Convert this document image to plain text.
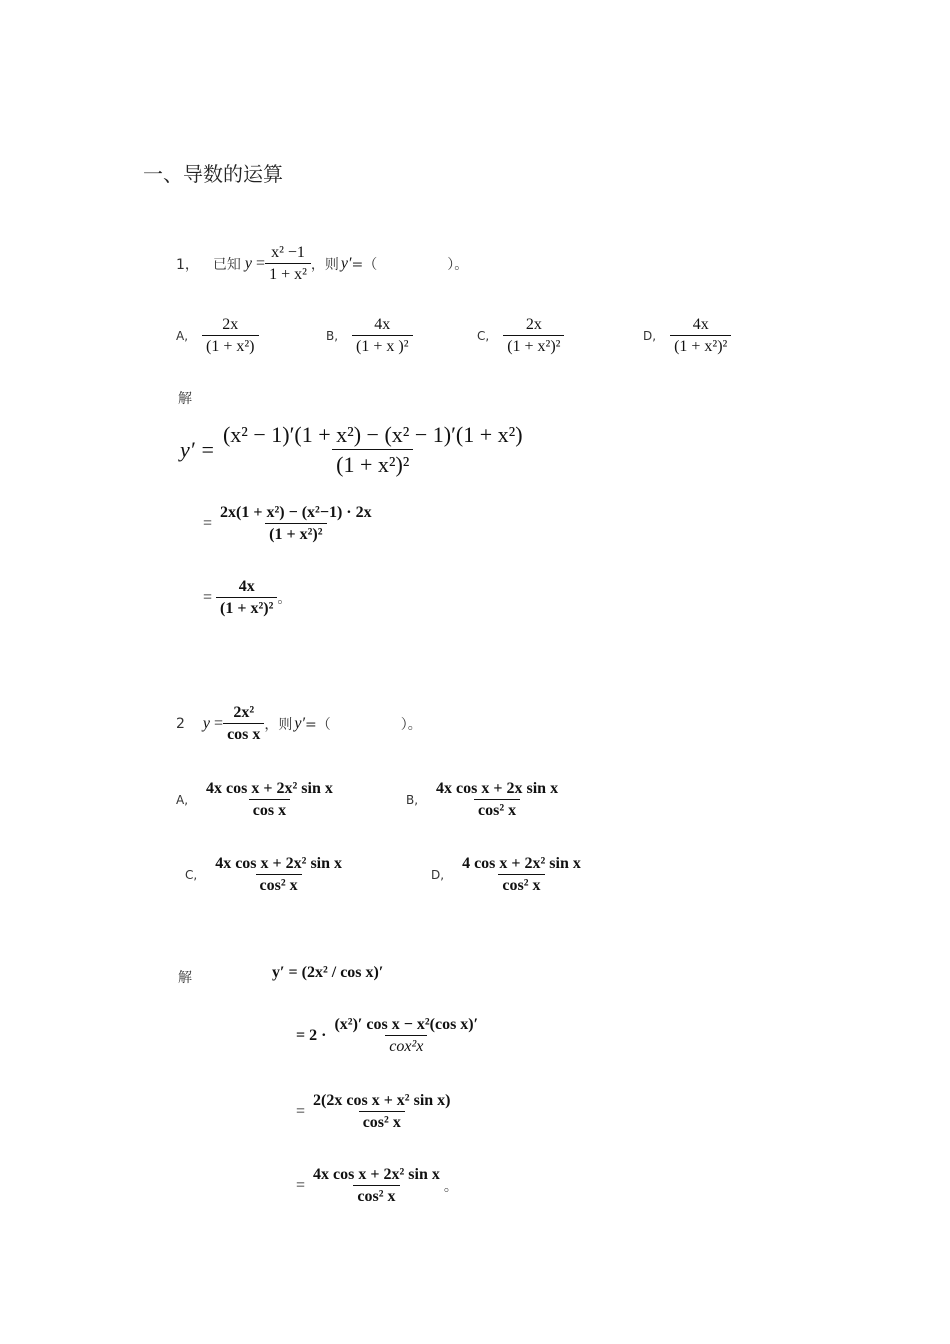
一、导数的运算
1， 已知 $y = \frac{\text{x² −1}}{\text{1 + x²}}$ ，则 y′ =（　　　　　）。
A, $\frac{2x}{\text{(1 + x²)}}$	B, $\frac{4x}{\text{(1 + x )²}}$	C, $\frac{2x}{\text{(1 + x²)²}}$	D, $\frac{4x}{\text{(1 + x²)²}}$
解
$y' = \frac{\text{(x² − 1)′(1 + x²) − (x² − 1)′(1 + x²)}}{\text{(1 + x²)²}}$
= $\frac{\text{2x(1 + x²) − (x²−1) · 2x}}{\text{(1 + x²)²}}$
= $\frac{4x}{\text{(1 + x²)²}}$ 。
2 $y = \frac{\text{2x²}}{\text{cos x}}$ ，则 y′ =（　　　　　）。
A, $\frac{\text{4x cos x + 2x² sin x}}{\text{cos x}}$	B, $\frac{\text{4x cos x + 2x sin x}}{\text{cos² x}}$
C, $\frac{\text{4x cos x + 2x² sin x}}{\text{cos² x}}$	D, $\frac{\text{4 cos x + 2x² sin x}}{\text{cos² x}}$
解	y′ = (2x² / cos x)′
= $2 \cdot \frac{\text{(x²)′ cos x − x²(cos x)′}}{\text{cox²x}}$
= $\frac{\text{2(2x cos x + x² sin x)}}{\text{cos² x}}$
= $\frac{\text{4x cos x + 2x² sin x}}{\text{cos² x}}$ 。
